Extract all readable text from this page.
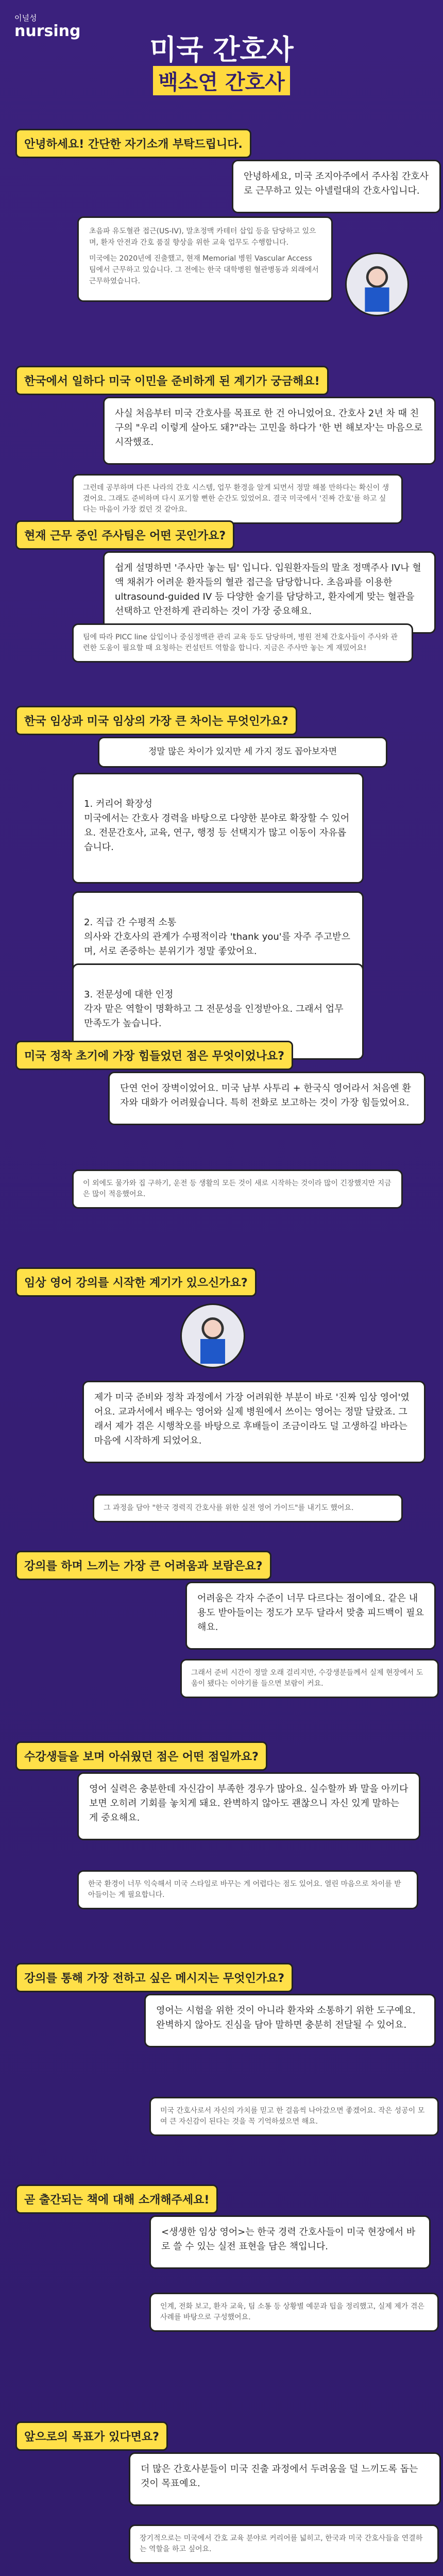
이널성
nursing
미국 간호사
백소연 간호사
안녕하세요! 간단한 자기소개 부탁드립니다.

안녕하세요, 미국 조지아주에서 주사침 간호사로 근무하고 있는 아넬럴대의 간호사입니다.

초음파 유도혈관 접근(US-IV), 말초정맥 카테터 삽입 등을 담당하고 있으며, 환자 안전과 간호 품질 향상을 위한 교육 업무도 수행합니다.

미국에는 2020년에 진출했고, 현재 Memorial 병원 Vascular Access 팀에서 근무하고 있습니다. 그 전에는 한국 대학병원 혈관병동과 외래에서 근무하였습니다.

한국에서 일하다 미국 이민을 준비하게 된 계기가 궁금해요!

사실 처음부터 미국 간호사를 목표로 한 건 아니었어요. 간호사 2년 차 때 친구의 "우리 이렇게 살아도 돼?"라는 고민을 하다가 '한 번 해보자'는 마음으로 시작했죠.

그런데 공부하며 다른 나라의 간호 시스템, 업무 환경을 알게 되면서 정말 해볼 만하다는 확신이 생겼어요. 그래도 준비하며 다시 포기할 뻔한 순간도 있었어요. 결국 미국에서 '진짜 간호'를 하고 싶다는 마음이 가장 컸던 것 같아요.
현재 근무 중인 주사팀은 어떤 곳인가요?

쉽게 설명하면 '주사만 놓는 팀' 입니다. 입원환자들의 말초 정맥주사 IV나 혈액 채취가 어려운 환자들의 혈관 접근을 담당합니다. 초음파를 이용한 ultrasound-guided IV 등 다양한 술기를 담당하고, 환자에게 맞는 혈관을 선택하고 안전하게 관리하는 것이 가장 중요해요.

팀에 따라 PICC line 삽입이나 중심정맥관 관리 교육 등도 담당하며, 병원 전체 간호사들이 주사와 관련한 도움이 필요할 때 요청하는 컨설턴트 역할을 합니다. 지금은 주사만 놓는 게 재밌어요!
한국 임상과 미국 임상의 가장 큰 차이는 무엇인가요?
정말 많은 차이가 있지만 세 가지 정도 꼽아보자면

1. 커리어 확장성
미국에서는 간호사 경력을 바탕으로 다양한 분야로 확장할 수 있어요. 전문간호사, 교육, 연구, 행정 등 선택지가 많고 이동이 자유롭습니다.

2. 직급 간 수평적 소통
의사와 간호사의 관계가 수평적이라 'thank you'를 자주 주고받으며, 서로 존중하는 분위기가 정말 좋았어요.

3. 전문성에 대한 인정
각자 맡은 역할이 명확하고 그 전문성을 인정받아요. 그래서 업무 만족도가 높습니다.

미국 정착 초기에 가장 힘들었던 점은 무엇이었나요?

단연 언어 장벽이었어요. 미국 남부 사투리 + 한국식 영어라서 처음엔 환자와 대화가 어려웠습니다. 특히 전화로 보고하는 것이 가장 힘들었어요.

이 외에도 물가와 집 구하기, 운전 등 생활의 모든 것이 새로 시작하는 것이라 많이 긴장했지만 지금은 많이 적응했어요.
임상 영어 강의를 시작한 계기가 있으신가요?

제가 미국 준비와 정착 과정에서 가장 어려워한 부분이 바로 '진짜 임상 영어'였어요. 교과서에서 배우는 영어와 실제 병원에서 쓰이는 영어는 정말 달랐죠. 그래서 제가 겪은 시행착오를 바탕으로 후배들이 조금이라도 덜 고생하길 바라는 마음에 시작하게 되었어요.

그 과정을 담아 "한국 경력직 간호사를 위한 실전 영어 가이드"를 내기도 했어요.
강의를 하며 느끼는 가장 큰 어려움과 보람은요?

어려움은 각자 수준이 너무 다르다는 점이에요. 같은 내용도 받아들이는 정도가 모두 달라서 맞춤 피드백이 필요해요.

그래서 준비 시간이 정말 오래 걸리지만, 수강생분들께서 실제 현장에서 도움이 됐다는 이야기를 들으면 보람이 커요.
수강생들을 보며 아쉬웠던 점은 어떤 점일까요?

영어 실력은 충분한데 자신감이 부족한 경우가 많아요. 실수할까 봐 말을 아끼다 보면 오히려 기회를 놓치게 돼요. 완벽하지 않아도 괜찮으니 자신 있게 말하는 게 중요해요.

한국 환경이 너무 익숙해서 미국 스타일로 바꾸는 게 어렵다는 점도 있어요. 열린 마음으로 차이를 받아들이는 게 필요합니다.
강의를 통해 가장 전하고 싶은 메시지는 무엇인가요?

영어는 시험을 위한 것이 아니라 환자와 소통하기 위한 도구예요. 완벽하지 않아도 진심을 담아 말하면 충분히 전달될 수 있어요.

미국 간호사로서 자신의 가치를 믿고 한 걸음씩 나아갔으면 좋겠어요. 작은 성공이 모여 큰 자신감이 된다는 것을 꼭 기억하셨으면 해요.
곧 출간되는 책에 대해 소개해주세요!

<생생한 임상 영어>는 한국 경력 간호사들이 미국 현장에서 바로 쓸 수 있는 실전 표현을 담은 책입니다.

인계, 전화 보고, 환자 교육, 팀 소통 등 상황별 예문과 팁을 정리했고, 실제 제가 겪은 사례를 바탕으로 구성했어요.
앞으로의 목표가 있다면요?

더 많은 간호사분들이 미국 진출 과정에서 두려움을 덜 느끼도록 돕는 것이 목표예요.

장기적으로는 미국에서 간호 교육 분야로 커리어를 넓히고, 한국과 미국 간호사들을 연결하는 역할을 하고 싶어요.
